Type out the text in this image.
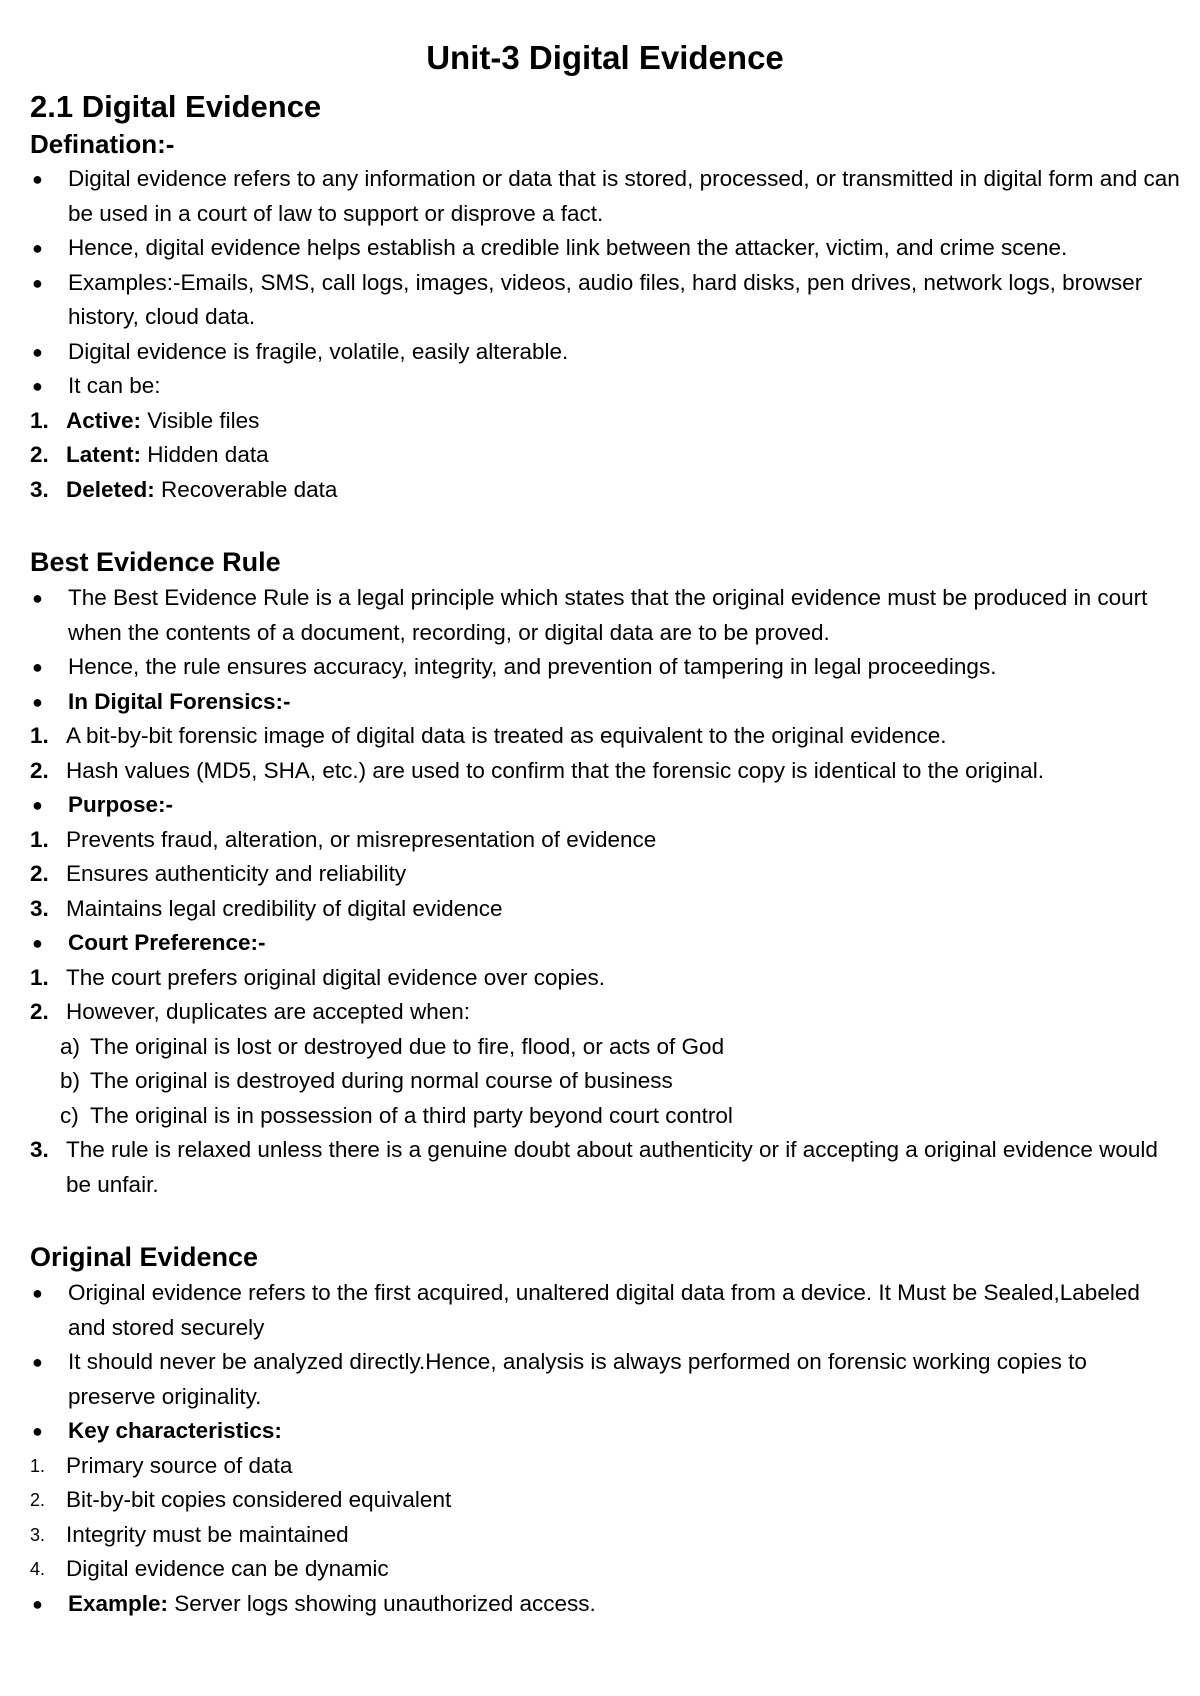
Unit-3 Digital Evidence
2.1 Digital Evidence
Defination:-
●	Digital evidence refers to any information or data that is stored, processed, or transmitted in digital form and can be used in a court of law to support or disprove a fact.
●	Hence, digital evidence helps establish a credible link between the attacker, victim, and crime scene.
●	Examples:-Emails, SMS, call logs, images, videos, audio files, hard disks, pen drives, network logs, browser history, cloud data.
●	Digital evidence is fragile, volatile, easily alterable.
●	It can be:
1. Active: Visible files
2. Latent: Hidden data
3. Deleted: Recoverable data
Best Evidence Rule
●	The Best Evidence Rule is a legal principle which states that the original evidence must be produced in court when the contents of a document, recording, or digital data are to be proved.
●	Hence, the rule ensures accuracy, integrity, and prevention of tampering in legal proceedings.
●	In Digital Forensics:-
1. A bit-by-bit forensic image of digital data is treated as equivalent to the original evidence.
2. Hash values (MD5, SHA, etc.) are used to confirm that the forensic copy is identical to the original.
●	Purpose:-
1. Prevents fraud, alteration, or misrepresentation of evidence
2. Ensures authenticity and reliability
3. Maintains legal credibility of digital evidence
●	Court Preference:-
1. The court prefers original digital evidence over copies.
2. However, duplicates are accepted when:
a) The original is lost or destroyed due to fire, flood, or acts of God
b) The original is destroyed during normal course of business
c) The original is in possession of a third party beyond court control
3. The rule is relaxed unless there is a genuine doubt about authenticity or if accepting a original evidence would be unfair.
Original Evidence
●	Original evidence refers to the first acquired, unaltered digital data from a device. It Must be Sealed,Labeled and stored securely
●	It should never be analyzed directly.Hence, analysis is always performed on forensic working copies to preserve originality.
●	Key characteristics:
1. Primary source of data
2. Bit-by-bit copies considered equivalent
3. Integrity must be maintained
4. Digital evidence can be dynamic
●	Example: Server logs showing unauthorized access.
